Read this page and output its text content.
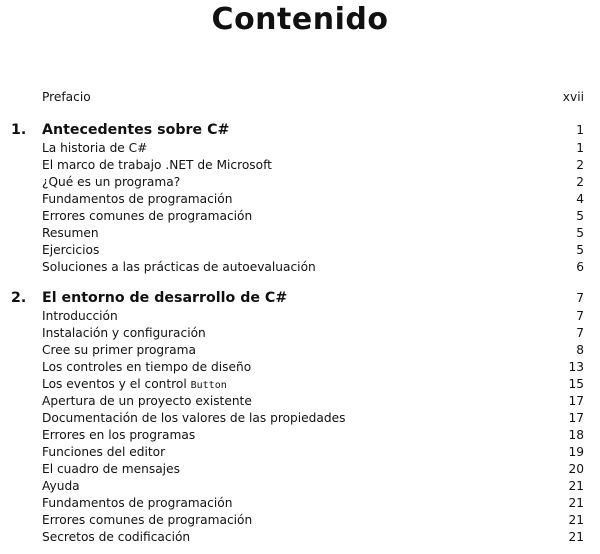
Contenido
Prefacio	xvii
1. Antecedentes sobre C#	1
La historia de C#	1
El marco de trabajo .NET de Microsoft	2
¿Qué es un programa?	2
Fundamentos de programación	4
Errores comunes de programación	5
Resumen	5
Ejercicios	5
Soluciones a las prácticas de autoevaluación	6
2. El entorno de desarrollo de C#	7
Introducción	7
Instalación y configuración	7
Cree su primer programa	8
Los controles en tiempo de diseño	13
Los eventos y el control Button	15
Apertura de un proyecto existente	17
Documentación de los valores de las propiedades	17
Errores en los programas	18
Funciones del editor	19
El cuadro de mensajes	20
Ayuda	21
Fundamentos de programación	21
Errores comunes de programación	21
Secretos de codificación	21
